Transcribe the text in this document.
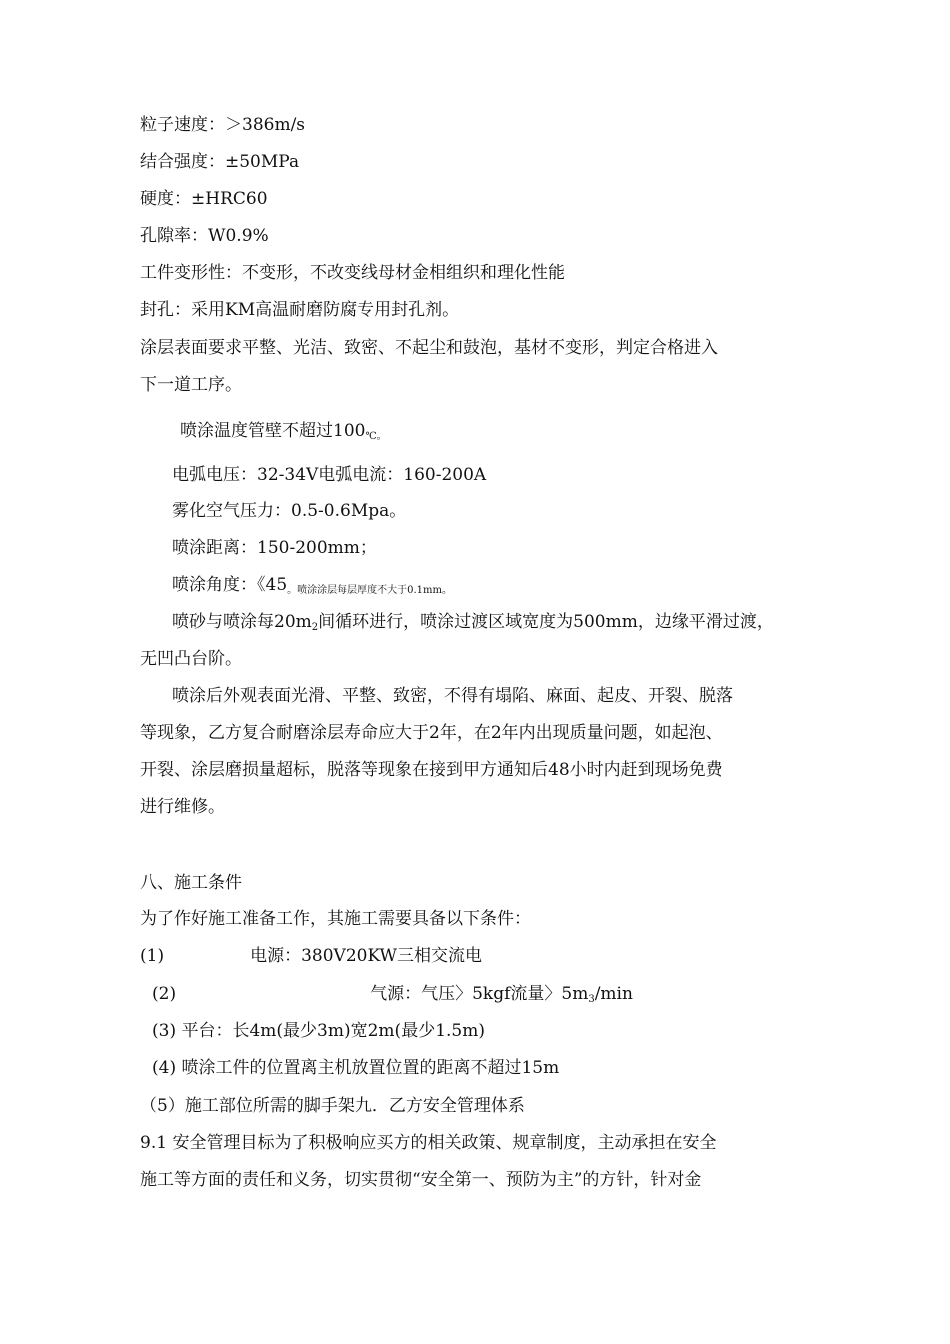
粒子速度：＞386m/s
结合强度：±50MPa
硬度：±HRC60
孔隙率：W0.9%
工件变形性：不变形，不改变线母材金相组织和理化性能
封孔：采用KM高温耐磨防腐专用封孔剂。
涂层表面要求平整、光洁、致密、不起尘和鼓泡，基材不变形，判定合格进入
下一道工序。
喷涂温度管壁不超过$100_{℃。}$
电弧电压：32-34V电弧电流：160-200A
雾化空气压力：0.5-0.6Mpa。
喷涂距离：150-200mm；
喷涂角度：《$45_{。喷涂涂层每层厚度不大于0.1mm。}$
喷砂与喷涂每$20m_2$间循环进行，喷涂过渡区域宽度为500mm，边缘平滑过渡，
无凹凸台阶。
喷涂后外观表面光滑、平整、致密，不得有塌陷、麻面、起皮、开裂、脱落
等现象，乙方复合耐磨涂层寿命应大于2年，在2年内出现质量问题，如起泡、
开裂、涂层磨损量超标，脱落等现象在接到甲方通知后48小时内赶到现场免费
进行维修。
八、施工条件
为了作好施工准备工作，其施工需要具备以下条件：
(1)	电源：380V20KW三相交流电
(2)	气源：气压〉5kgf流量〉$5m_3/\min$
(3) 平台：长4m(最少3m)宽2m(最少1.5m)
(4) 喷涂工件的位置离主机放置位置的距离不超过15m
（5）施工部位所需的脚手架九．乙方安全管理体系
9.1 安全管理目标为了积极响应买方的相关政策、规章制度，主动承担在安全
施工等方面的责任和义务，切实贯彻“安全第一、预防为主”的方针，针对金
